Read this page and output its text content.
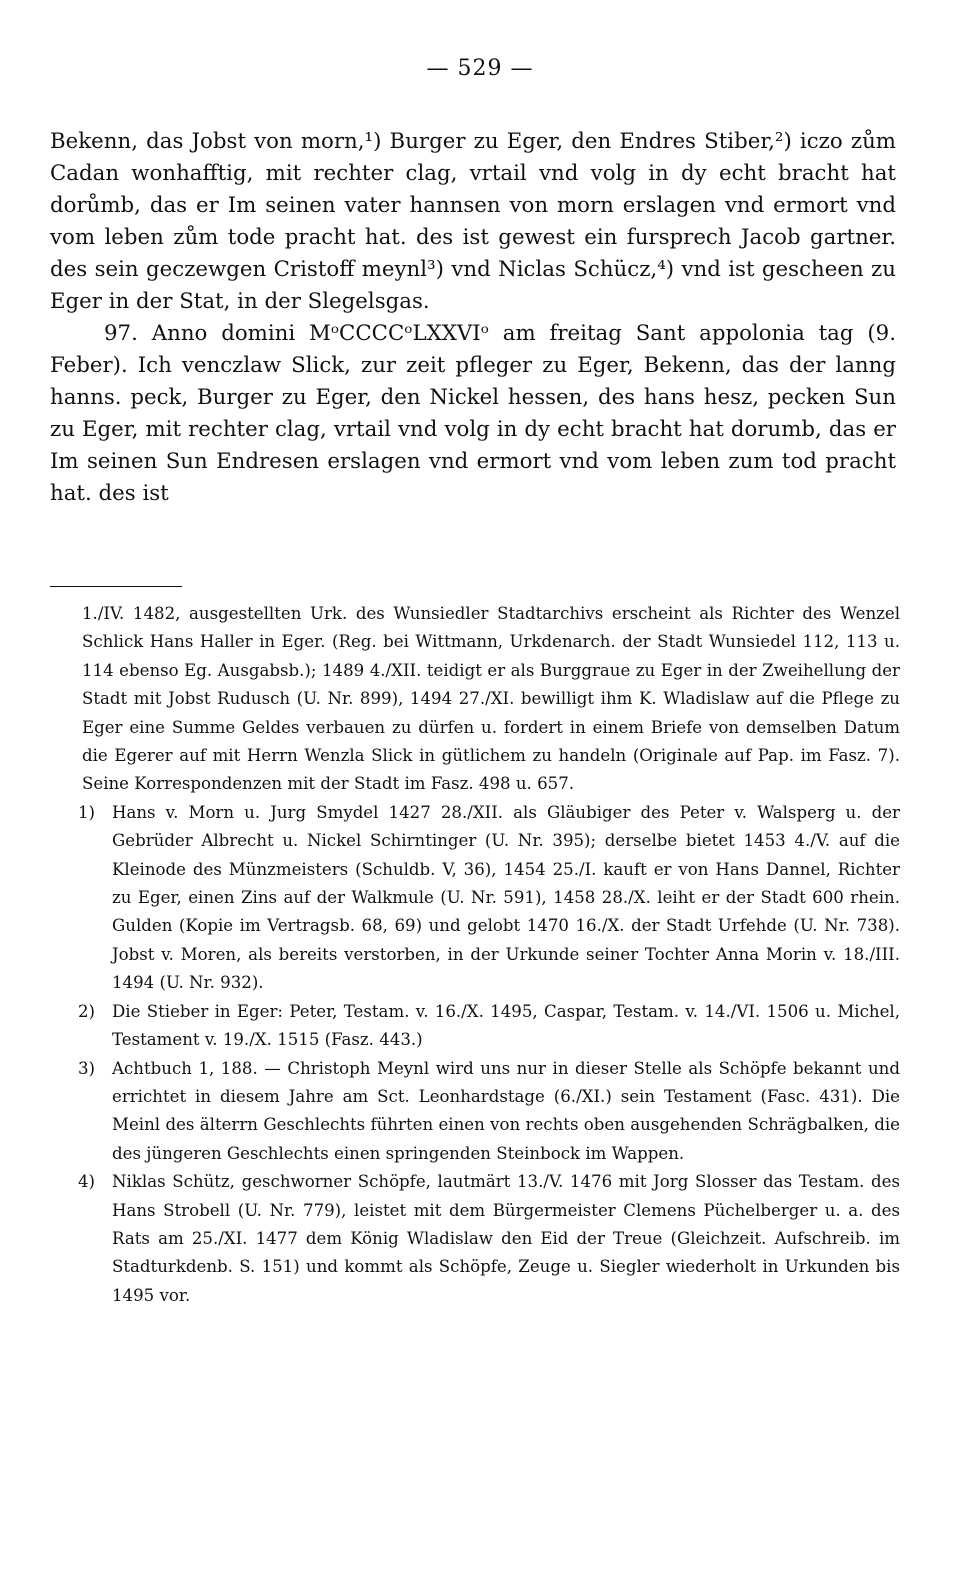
— 529 —

Bekenn, das Jobst von morn,¹) Burger zu Eger, den Endres Stiber,²) iczo zům Cadan wonhafftig, mit rechter clag, vrtail vnd volg in dy echt bracht hat dorůmb, das er Im seinen vater hannsen von morn erslagen vnd ermort vnd vom leben zům tode pracht hat. des ist gewest ein fursprech Jacob gartner. des sein geczewgen Cristoff meynl³) vnd Niclas Schücz,⁴) vnd ist gescheen zu Eger in der Stat, in der Slegelsgas.

97. Anno domini MᵒCCCCᵒLXXVIᵒ am freitag Sant appolonia tag (9. Feber). Ich venczlaw Slick, zur zeit pfleger zu Eger, Bekenn, das der lanng hanns. peck, Burger zu Eger, den Nickel hessen, des hans hesz, pecken Sun zu Eger, mit rechter clag, vrtail vnd volg in dy echt bracht hat dorumb, das er Im seinen Sun Endresen erslagen vnd ermort vnd vom leben zum tod pracht hat. des ist

1./IV. 1482, ausgestellten Urk. des Wunsiedler Stadtarchivs erscheint als Richter des Wenzel Schlick Hans Haller in Eger. (Reg. bei Wittmann, Urkdenarch. der Stadt Wunsiedel 112, 113 u. 114 ebenso Eg. Ausgabsb.); 1489 4./XII. teidigt er als Burggraue zu Eger in der Zweihellung der Stadt mit Jobst Rudusch (U. Nr. 899), 1494 27./XI. bewilligt ihm K. Wladislaw auf die Pflege zu Eger eine Summe Geldes verbauen zu dürfen u. fordert in einem Briefe von demselben Datum die Egerer auf mit Herrn Wenzla Slick in gütlichem zu handeln (Originale auf Pap. im Fasz. 7). Seine Korrespondenzen mit der Stadt im Fasz. 498 u. 657.

1)	Hans v. Morn u. Jurg Smydel 1427 28./XII. als Gläubiger des Peter v. Walsperg u. der Gebrüder Albrecht u. Nickel Schirntinger (U. Nr. 395); derselbe bietet 1453 4./V. auf die Kleinode des Münzmeisters (Schuldb. V, 36), 1454 25./I. kauft er von Hans Dannel, Richter zu Eger, einen Zins auf der Walkmule (U. Nr. 591), 1458 28./X. leiht er der Stadt 600 rhein. Gulden (Kopie im Vertragsb. 68, 69) und gelobt 1470 16./X. der Stadt Urfehde (U. Nr. 738). Jobst v. Moren, als bereits verstorben, in der Urkunde seiner Tochter Anna Morin v. 18./III. 1494 (U. Nr. 932).

2)	Die Stieber in Eger: Peter, Testam. v. 16./X. 1495, Caspar, Testam. v. 14./VI. 1506 u. Michel, Testament v. 19./X. 1515 (Fasz. 443.)

3)	Achtbuch 1, 188. — Christoph Meynl wird uns nur in dieser Stelle als Schöpfe bekannt und errichtet in diesem Jahre am Sct. Leonhardstage (6./XI.) sein Testament (Fasc. 431). Die Meinl des älterrn Geschlechts führten einen von rechts oben ausgehenden Schrägbalken, die des jüngeren Geschlechts einen springenden Steinbock im Wappen.

4)	Niklas Schütz, geschworner Schöpfe, lautmärt 13./V. 1476 mit Jorg Slosser das Testam. des Hans Strobell (U. Nr. 779), leistet mit dem Bürgermeister Clemens Püchelberger u. a. des Rats am 25./XI. 1477 dem König Wladislaw den Eid der Treue (Gleichzeit. Aufschreib. im Stadturkdenb. S. 151) und kommt als Schöpfe, Zeuge u. Siegler wiederholt in Urkunden bis 1495 vor.
